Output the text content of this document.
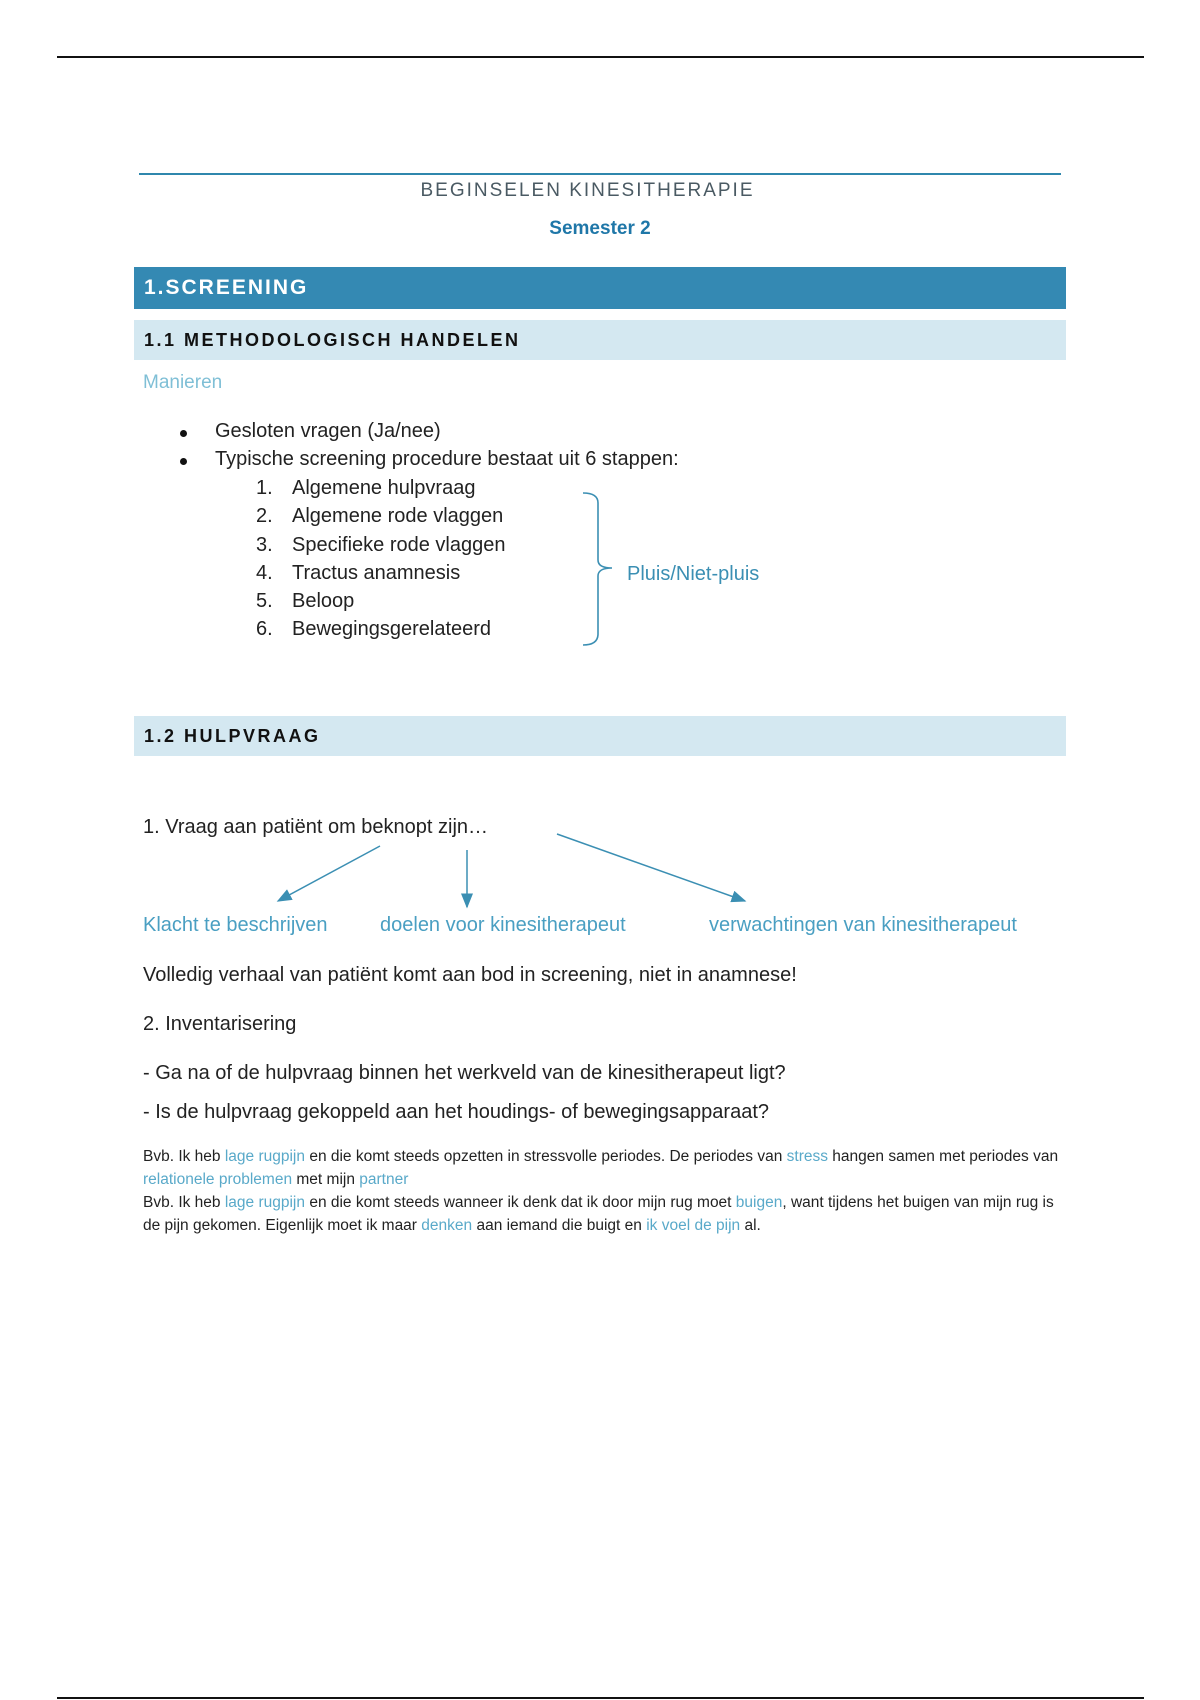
BEGINSELEN KINESITHERAPIE
Semester 2
1.SCREENING
1.1 METHODOLOGISCH HANDELEN
Manieren
Gesloten vragen (Ja/nee)
Typische screening procedure bestaat uit 6 stappen:
1. Algemene hulpvraag
2. Algemene rode vlaggen
3. Specifieke rode vlaggen
4. Tractus anamnesis
5. Beloop
6. Bewegingsgerelateerd
Pluis/Niet-pluis
1.2 HULPVRAAG
1. Vraag aan patiënt om beknopt zijn…
Klacht te beschrijven	doelen voor kinesitherapeut	verwachtingen van kinesitherapeut
Volledig verhaal van patiënt komt aan bod in screening, niet in anamnese!
2. Inventarisering
- Ga na of de hulpvraag binnen het werkveld van de kinesitherapeut ligt?
- Is de hulpvraag gekoppeld aan het houdings- of bewegingsapparaat?
Bvb. Ik heb lage rugpijn en die komt steeds opzetten in stressvolle periodes. De periodes van stress hangen samen met periodes van relationele problemen met mijn partner
Bvb. Ik heb lage rugpijn en die komt steeds wanneer ik denk dat ik door mijn rug moet buigen, want tijdens het buigen van mijn rug is de pijn gekomen. Eigenlijk moet ik maar denken aan iemand die buigt en ik voel de pijn al.
